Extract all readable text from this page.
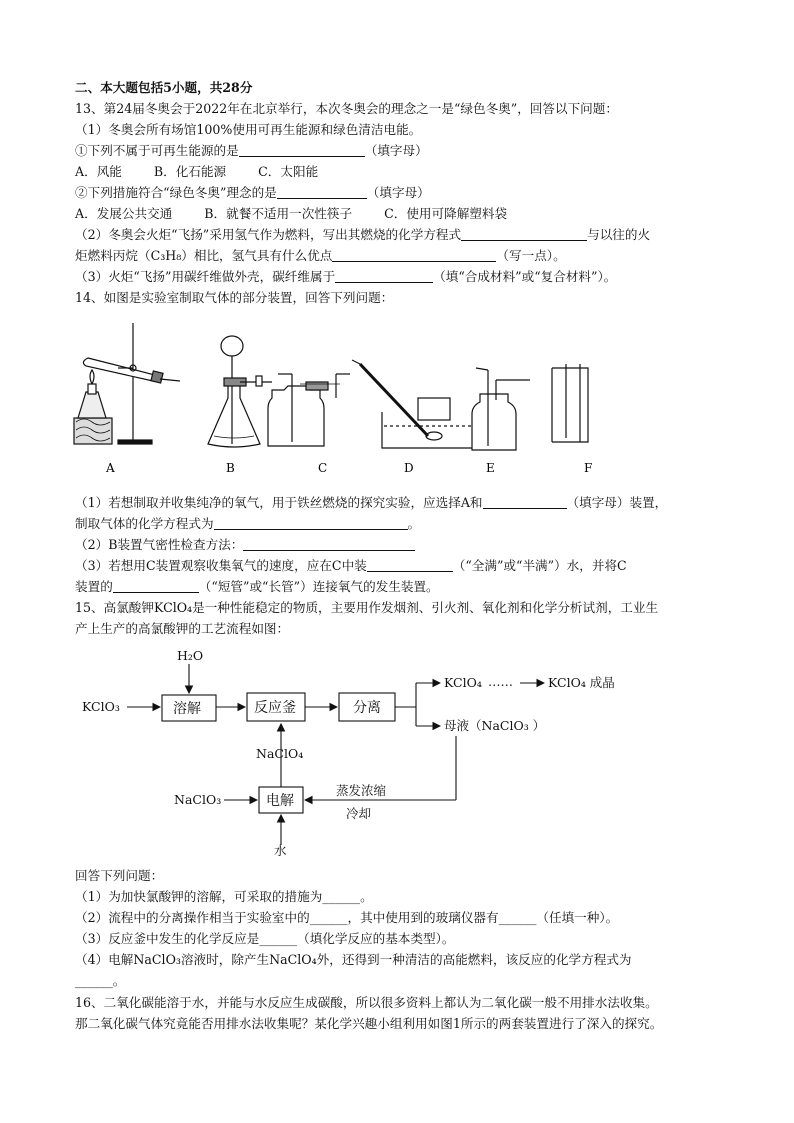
二、本大题包括5小题，共28分
13、第24届冬奥会于2022年在北京举行，本次冬奥会的理念之一是“绿色冬奥”，回答以下问题：
（1）冬奥会所有场馆100%使用可再生能源和绿色清洁电能。
①下列不属于可再生能源的是	（填字母）
A．风能        B．化石能源        C．太阳能
②下列措施符合“绿色冬奥”理念的是	（填字母）
A．发展公共交通        B．就餐不适用一次性筷子        C．使用可降解塑料袋
（2）冬奥会火炬“飞扬”采用氢气作为燃料，写出其燃烧的化学方程式	与以往的火
炬燃料丙烷（C₃H₈）相比，氢气具有什么优点	（写一点）。
（3）火炬“飞扬”用碳纤维做外壳，碳纤维属于	（填“合成材料”或“复合材料”）。
14、如图是实验室制取气体的部分装置，回答下列问题：
A	B	C	D	E	F
（1）若想制取并收集纯净的氧气，用于铁丝燃烧的探究实验，应选择A和	（填字母）装置，
制取气体的化学方程式为	。
（2）B装置气密性检查方法：
（3）若想用C装置观察收集氧气的速度，应在C中装	（“全满”或“半满”）水，并将C
装置的	（“短管”或“长管”）连接氧气的发生装置。
15、高氯酸钾KClO₄是一种性能稳定的物质，主要用作发烟剂、引火剂、氧化剂和化学分析试剂，工业生
产上生产的高氯酸钾的工艺流程如图：
H₂O
KClO₃	溶解	反应釜	分离
KClO₄ ……	KClO₄ 成晶
母液（NaClO₃ ）
NaClO₄
NaClO₃	电解
蒸发浓缩
冷却
水
回答下列问题：
（1）为加快氯酸钾的溶解，可采取的措施为______。
（2）流程中的分离操作相当于实验室中的______，其中使用到的玻璃仪器有______（任填一种）。
（3）反应釜中发生的化学反应是______（填化学反应的基本类型）。
（4）电解NaClO₃溶液时，除产生NaClO₄外，还得到一种清洁的高能燃料，该反应的化学方程式为
______。
16、二氧化碳能溶于水，并能与水反应生成碳酸，所以很多资料上都认为二氧化碳一般不用排水法收集。
那二氧化碳气体究竟能否用排水法收集呢？某化学兴趣小组利用如图1所示的两套装置进行了深入的探究。
